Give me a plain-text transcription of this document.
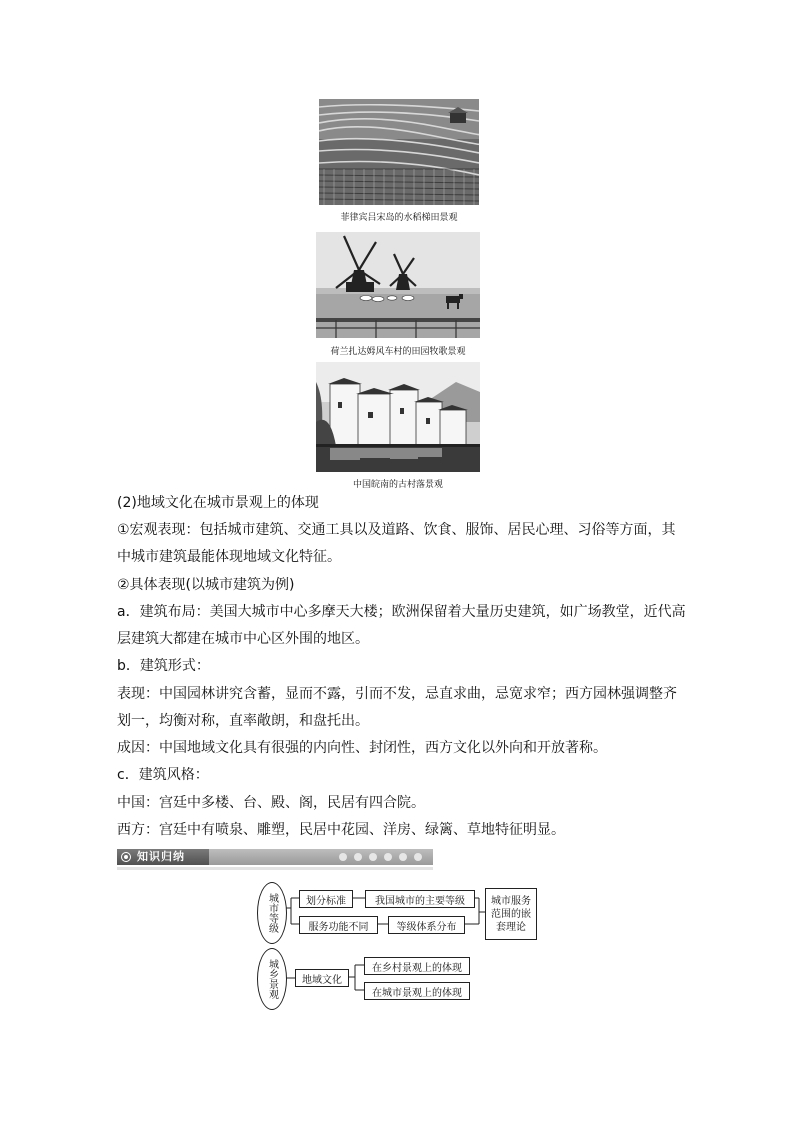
菲律宾吕宋岛的水稻梯田景观
荷兰扎达姆风车村的田园牧歌景观
中国皖南的古村落景观
(2)地域文化在城市景观上的体现
①宏观表现：包括城市建筑、交通工具以及道路、饮食、服饰、居民心理、习俗等方面，其
中城市建筑最能体现地域文化特征。
②具体表现(以城市建筑为例)
a．建筑布局：美国大城市中心多摩天大楼；欧洲保留着大量历史建筑，如广场教堂，近代高
层建筑大都建在城市中心区外围的地区。
b．建筑形式：
表现：中国园林讲究含蓄，显而不露，引而不发，忌直求曲，忌宽求窄；西方园林强调整齐
划一，均衡对称，直率敞朗，和盘托出。
成因：中国地域文化具有很强的内向性、封闭性，西方文化以外向和开放著称。
c．建筑风格：
中国：宫廷中多楼、台、殿、阁，民居有四合院。
西方：宫廷中有喷泉、雕塑，民居中花园、洋房、绿篱、草地特征明显。
知识归纳
城市等级
城乡景观
划分标准	我国城市的主要等级
服务功能不同	等级体系分布
城市服务范围的嵌套理论
地域文化
在乡村景观上的体现
在城市景观上的体现
